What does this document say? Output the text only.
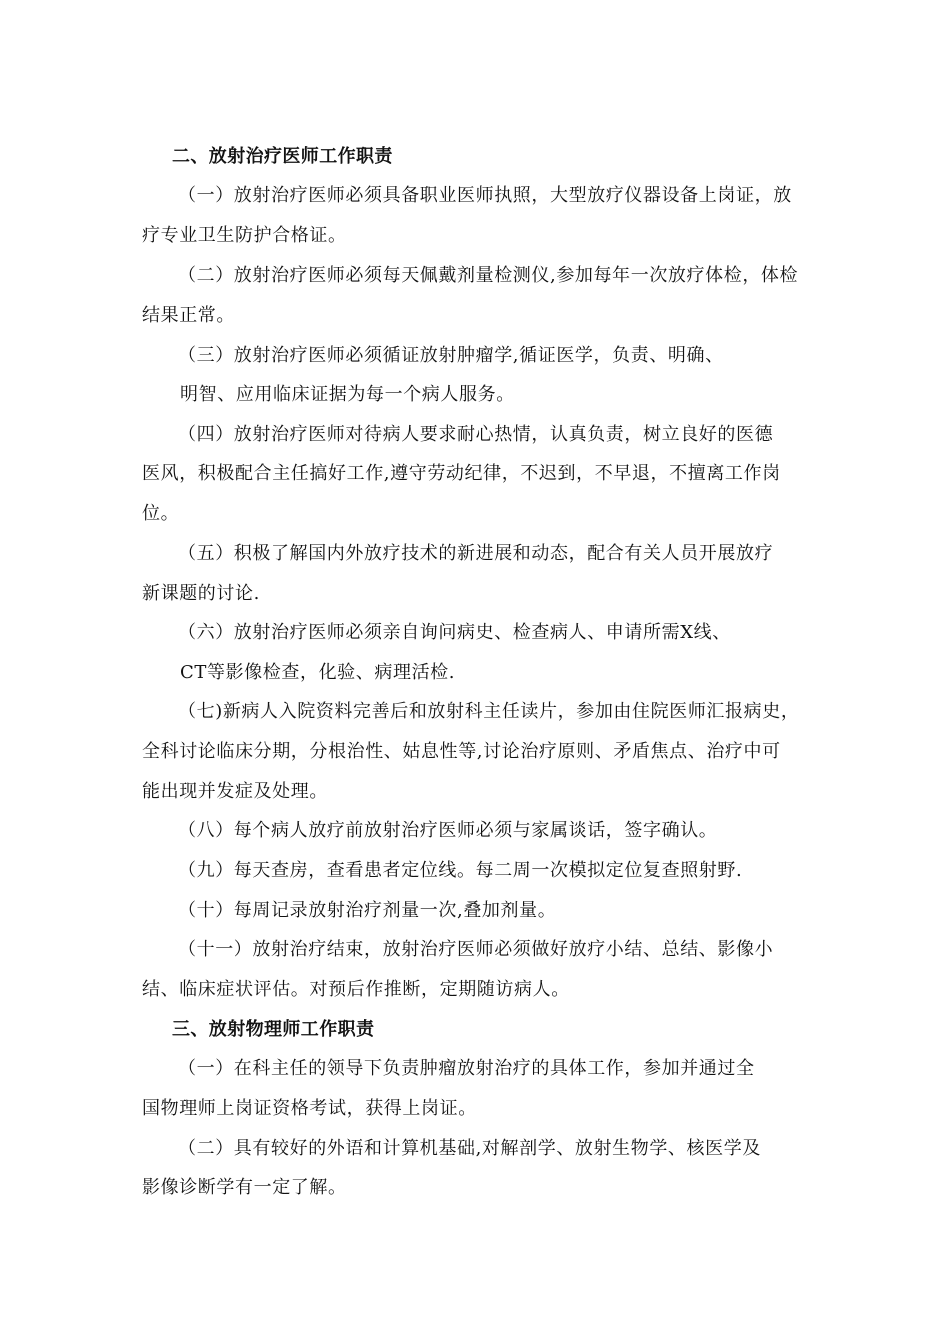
二、放射治疗医师工作职责

（一）放射治疗医师必须具备职业医师执照，大型放疗仪器设备上岗证，放

疗专业卫生防护合格证。

（二）放射治疗医师必须每天佩戴剂量检测仪,参加每年一次放疗体检，体检

结果正常。

（三）放射治疗医师必须循证放射肿瘤学,循证医学，负责、明确、

明智、应用临床证据为每一个病人服务。

（四）放射治疗医师对待病人要求耐心热情，认真负责，树立良好的医德

医风，积极配合主任搞好工作,遵守劳动纪律，不迟到，不早退，不擅离工作岗

位。

（五）积极了解国内外放疗技术的新进展和动态，配合有关人员开展放疗

新课题的讨论.

（六）放射治疗医师必须亲自询问病史、检查病人、申请所需X线、

CT等影像检查，化验、病理活检.

（七)新病人入院资料完善后和放射科主任读片，参加由住院医师汇报病史，

全科讨论临床分期，分根治性、姑息性等,讨论治疗原则、矛盾焦点、治疗中可

能出现并发症及处理。

（八）每个病人放疗前放射治疗医师必须与家属谈话，签字确认。

（九）每天查房，查看患者定位线。每二周一次模拟定位复查照射野.

（十）每周记录放射治疗剂量一次,叠加剂量。

（十一）放射治疗结束，放射治疗医师必须做好放疗小结、总结、影像小

结、临床症状评估。对预后作推断，定期随访病人。

三、放射物理师工作职责

（一）在科主任的领导下负责肿瘤放射治疗的具体工作，参加并通过全

国物理师上岗证资格考试，获得上岗证。

（二）具有较好的外语和计算机基础,对解剖学、放射生物学、核医学及

影像诊断学有一定了解。
